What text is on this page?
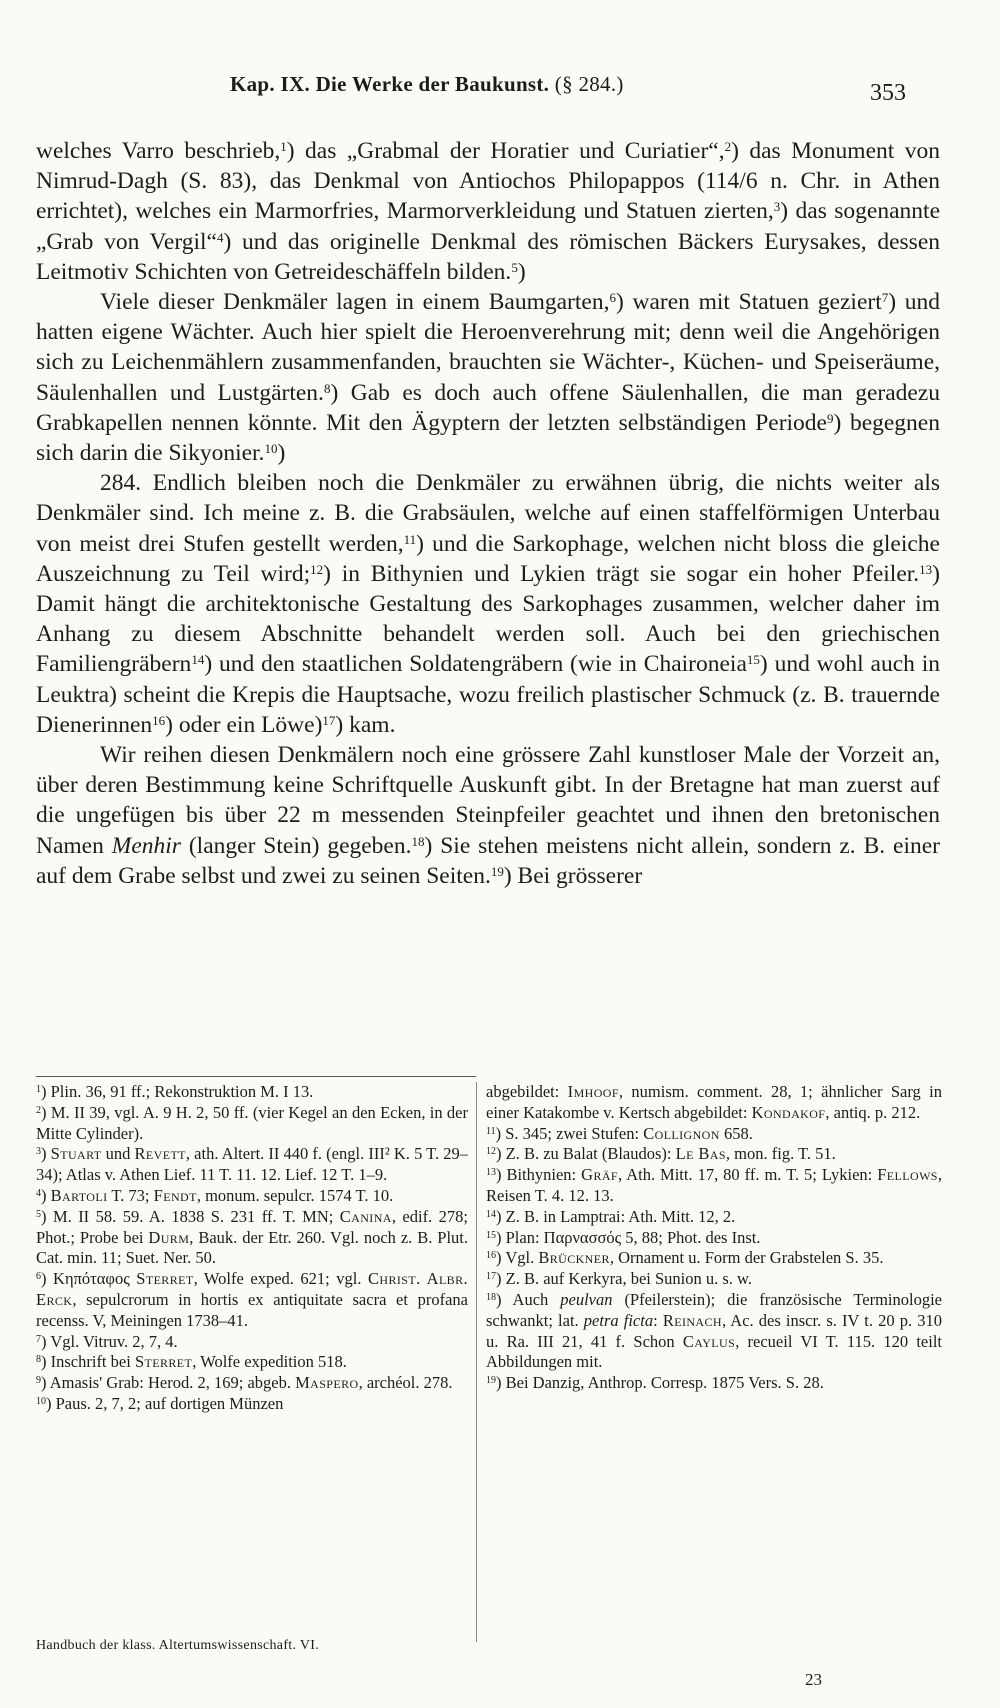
Kap. IX. Die Werke der Baukunst. (§ 284.)	353

welches Varro beschrieb,$^1$) das „Grabmal der Horatier und Curiatier“,$^2$) das Monument von Nimrud-Dagh (S. 83), das Denkmal von Antiochos Philopappos (114/6 n. Chr. in Athen errichtet), welches ein Marmorfries, Marmorverkleidung und Statuen zierten,$^3$) das sogenannte „Grab von Vergil“$^4$) und das originelle Denkmal des römischen Bäckers Eurysakes, dessen Leitmotiv Schichten von Getreideschäffeln bilden.$^5$)

Viele dieser Denkmäler lagen in einem Baumgarten,$^6$) waren mit Statuen geziert$^7$) und hatten eigene Wächter. Auch hier spielt die Heroenverehrung mit; denn weil die Angehörigen sich zu Leichenmählern zusammenfanden, brauchten sie Wächter-, Küchen- und Speiseräume, Säulenhallen und Lustgärten.$^8$) Gab es doch auch offene Säulenhallen, die man geradezu Grabkapellen nennen könnte. Mit den Ägyptern der letzten selbständigen Periode$^9$) begegnen sich darin die Sikyonier.$^{10}$)

284. Endlich bleiben noch die Denkmäler zu erwähnen übrig, die nichts weiter als Denkmäler sind. Ich meine z. B. die Grabsäulen, welche auf einen staffelförmigen Unterbau von meist drei Stufen gestellt werden,$^{11}$) und die Sarkophage, welchen nicht bloss die gleiche Auszeichnung zu Teil wird;$^{12}$) in Bithynien und Lykien trägt sie sogar ein hoher Pfeiler.$^{13}$) Damit hängt die architektonische Gestaltung des Sarkophages zusammen, welcher daher im Anhang zu diesem Abschnitte behandelt werden soll. Auch bei den griechischen Familiengräbern$^{14}$) und den staatlichen Soldatengräbern (wie in Chaironeia$^{15}$) und wohl auch in Leuktra) scheint die Krepis die Hauptsache, wozu freilich plastischer Schmuck (z. B. trauernde Dienerinnen$^{16}$) oder ein Löwe)$^{17}$) kam.

Wir reihen diesen Denkmälern noch eine grössere Zahl kunstloser Male der Vorzeit an, über deren Bestimmung keine Schriftquelle Auskunft gibt. In der Bretagne hat man zuerst auf die ungefügen bis über 22 m messenden Steinpfeiler geachtet und ihnen den bretonischen Namen Menhir (langer Stein) gegeben.$^{18}$) Sie stehen meistens nicht allein, sondern z. B. einer auf dem Grabe selbst und zwei zu seinen Seiten.$^{19}$) Bei grösserer

$^1$) Plin. 36, 91 ff.; Rekonstruktion M. I 13.

$^2$) M. II 39, vgl. A. 9 H. 2, 50 ff. (vier Kegel an den Ecken, in der Mitte Cylinder).

$^3$) Stuart und Revett, ath. Altert. II 440 f. (engl. III² K. 5 T. 29–34); Atlas v. Athen Lief. 11 T. 11. 12. Lief. 12 T. 1–9.

$^4$) Bartoli T. 73; Fendt, monum. sepulcr. 1574 T. 10.

$^5$) M. II 58. 59. A. 1838 S. 231 ff. T. MN; Canina, edif. 278; Phot.; Probe bei Durm, Bauk. der Etr. 260. Vgl. noch z. B. Plut. Cat. min. 11; Suet. Ner. 50.

$^6$) Κηπόταφος Sterret, Wolfe exped. 621; vgl. Christ. Albr. Erck, sepulcrorum in hortis ex antiquitate sacra et profana recenss. V, Meiningen 1738–41.

$^7$) Vgl. Vitruv. 2, 7, 4.

$^8$) Inschrift bei Sterret, Wolfe expedition 518.

$^9$) Amasis' Grab: Herod. 2, 169; abgeb. Maspero, archéol. 278.

$^{10}$) Paus. 2, 7, 2; auf dortigen Münzen

abgebildet: Imhoof, numism. comment. 28, 1; ähnlicher Sarg in einer Katakombe v. Kertsch abgebildet: Kondakof, antiq. p. 212.

$^{11}$) S. 345; zwei Stufen: Collignon 658.

$^{12}$) Z. B. zu Balat (Blaudos): Le Bas, mon. fig. T. 51.

$^{13}$) Bithynien: Gräf, Ath. Mitt. 17, 80 ff. m. T. 5; Lykien: Fellows, Reisen T. 4. 12. 13.

$^{14}$) Z. B. in Lamptrai: Ath. Mitt. 12, 2.

$^{15}$) Plan: Παρνασσός 5, 88; Phot. des Inst.

$^{16}$) Vgl. Brückner, Ornament u. Form der Grabstelen S. 35.

$^{17}$) Z. B. auf Kerkyra, bei Sunion u. s. w.

$^{18}$) Auch peulvan (Pfeilerstein); die französische Terminologie schwankt; lat. petra ficta: Reinach, Ac. des inscr. s. IV t. 20 p. 310 u. Ra. III 21, 41 f. Schon Caylus, recueil VI T. 115. 120 teilt Abbildungen mit.

$^{19}$) Bei Danzig, Anthrop. Corresp. 1875 Vers. S. 28.

Handbuch der klass. Altertumswissenschaft. VI.
23
